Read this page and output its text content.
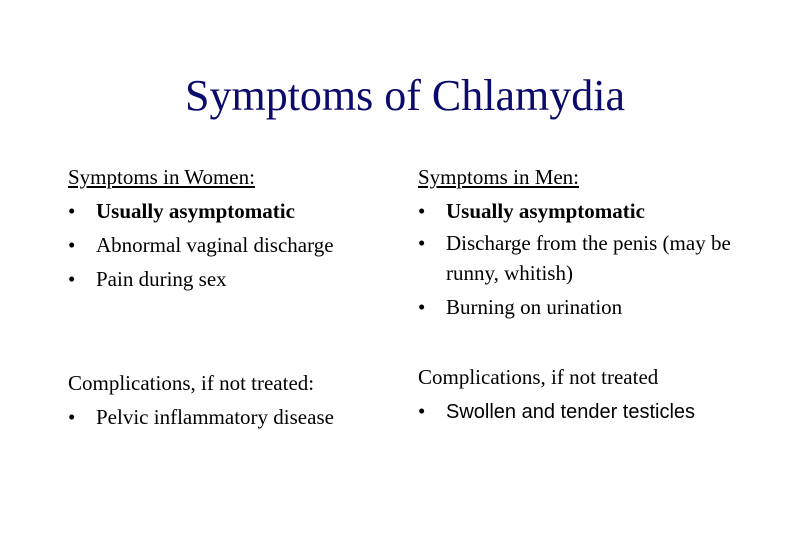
Symptoms of Chlamydia
Symptoms in Women:
• Usually asymptomatic
• Abnormal vaginal discharge
• Pain during sex
Symptoms in Men:
• Usually asymptomatic
• Discharge from the penis (may be runny, whitish)
• Burning on urination
Complications, if not treated:
• Pelvic inflammatory disease
Complications, if not treated
• Swollen and tender testicles
